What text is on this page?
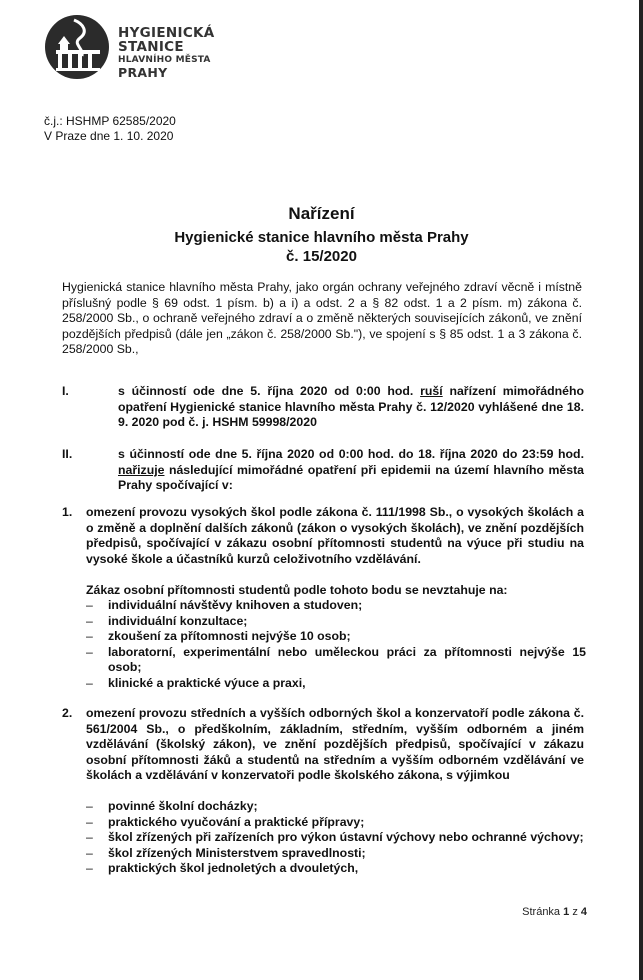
HYGIENICKÁ
STANICE
HLAVNÍHO MĚSTA
PRAHY
č.j.: HSHMP 62585/2020
V Praze dne 1. 10. 2020
Nařízení
Hygienické stanice hlavního města Prahy
č. 15/2020
Hygienická stanice hlavního města Prahy, jako orgán ochrany veřejného zdraví věcně i místně příslušný podle § 69 odst. 1 písm. b) a i) a odst. 2 a § 82 odst. 1 a 2 písm. m) zákona č. 258/2000 Sb., o ochraně veřejného zdraví a o změně některých souvisejících zákonů, ve znění pozdějších předpisů (dále jen „zákon č. 258/2000 Sb."), ve spojení s § 85 odst. 1 a 3 zákona č. 258/2000 Sb.,
I.	s účinností ode dne 5. října 2020 od 0:00 hod. ruší nařízení mimořádného opatření Hygienické stanice hlavního města Prahy č. 12/2020 vyhlášené dne 18. 9. 2020 pod č. j. HSHM 59998/2020
II.	s účinností ode dne 5. října 2020 od 0:00 hod. do 18. října 2020 do 23:59 hod. nařizuje následující mimořádné opatření při epidemii na území hlavního města Prahy spočívající v:
1. omezení provozu vysokých škol podle zákona č. 111/1998 Sb., o vysokých školách a o změně a doplnění dalších zákonů (zákon o vysokých školách), ve znění pozdějších předpisů, spočívající v zákazu osobní přítomnosti studentů na výuce při studiu na vysoké škole a účastníků kurzů celoživotního vzdělávání.
Zákaz osobní přítomnosti studentů podle tohoto bodu se nevztahuje na:
– individuální návštěvy knihoven a studoven;
– individuální konzultace;
– zkoušení za přítomnosti nejvýše 10 osob;
– laboratorní, experimentální nebo uměleckou práci za přítomnosti nejvýše 15 osob;
– klinické a praktické výuce a praxi,
2. omezení provozu středních a vyšších odborných škol a konzervatoří podle zákona č. 561/2004 Sb., o předškolním, základním, středním, vyšším odborném a jiném vzdělávání (školský zákon), ve znění pozdějších předpisů, spočívající v zákazu osobní přítomnosti žáků a studentů na středním a vyšším odborném vzdělávání ve školách a vzdělávání v konzervatoři podle školského zákona, s výjimkou
– povinné školní docházky;
– praktického vyučování a praktické přípravy;
– škol zřízených při zařízeních pro výkon ústavní výchovy nebo ochranné výchovy;
– škol zřízených Ministerstvem spravedlnosti;
– praktických škol jednoletých a dvouletých,
Stránka 1 z 4
